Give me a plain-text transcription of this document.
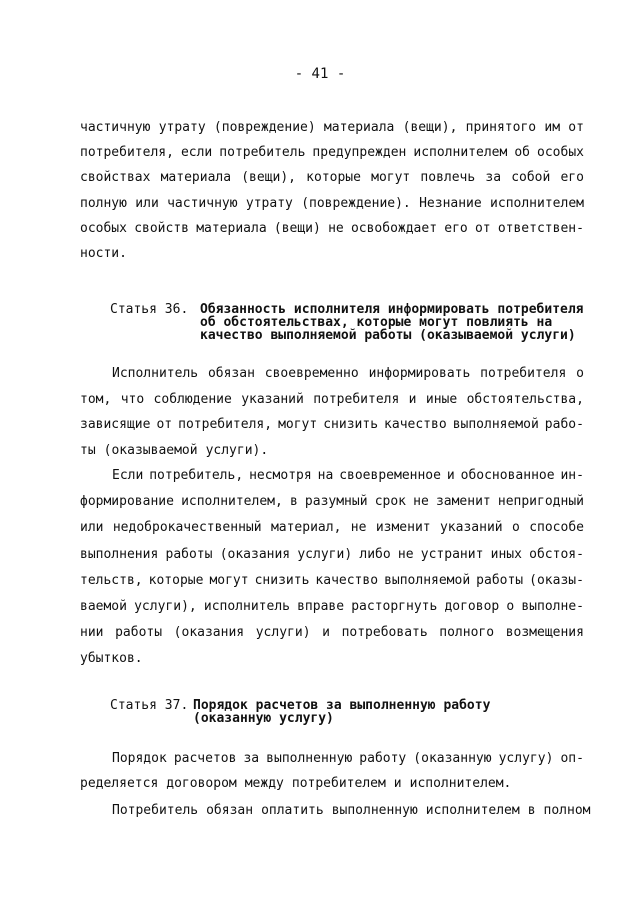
- 41 -
частичную утрату (повреждение) материала (вещи), принятого им от
потребителя, если потребитель предупрежден исполнителем об особых
свойствах материала (вещи), которые могут повлечь за собой его
полную или частичную утрату (повреждение). Незнание исполнителем
особых свойств материала (вещи) не освобождает его от ответствен-
ности.
Статья 36. Обязанность исполнителя информировать потребителя
об обстоятельствах, которые могут повлиять на
качество выполняемой работы (оказываемой услуги)
Исполнитель обязан своевременно информировать потребителя о
том, что соблюдение указаний потребителя и иные обстоятельства,
зависящие от потребителя, могут снизить качество выполняемой рабо-
ты (оказываемой услуги).
Если потребитель, несмотря на своевременное и обоснованное ин-
формирование исполнителем, в разумный срок не заменит непригодный
или недоброкачественный материал, не изменит указаний о способе
выполнения работы (оказания услуги) либо не устранит иных обстоя-
тельств, которые могут снизить качество выполняемой работы (оказы-
ваемой услуги), исполнитель вправе расторгнуть договор о выполне-
нии работы (оказания услуги) и потребовать полного возмещения
убытков.
Статья 37. Порядок расчетов за выполненную работу
(оказанную услугу)
Порядок расчетов за выполненную работу (оказанную услугу) оп-
ределяется договором между потребителем и исполнителем.
Потребитель обязан оплатить выполненную исполнителем в полном
